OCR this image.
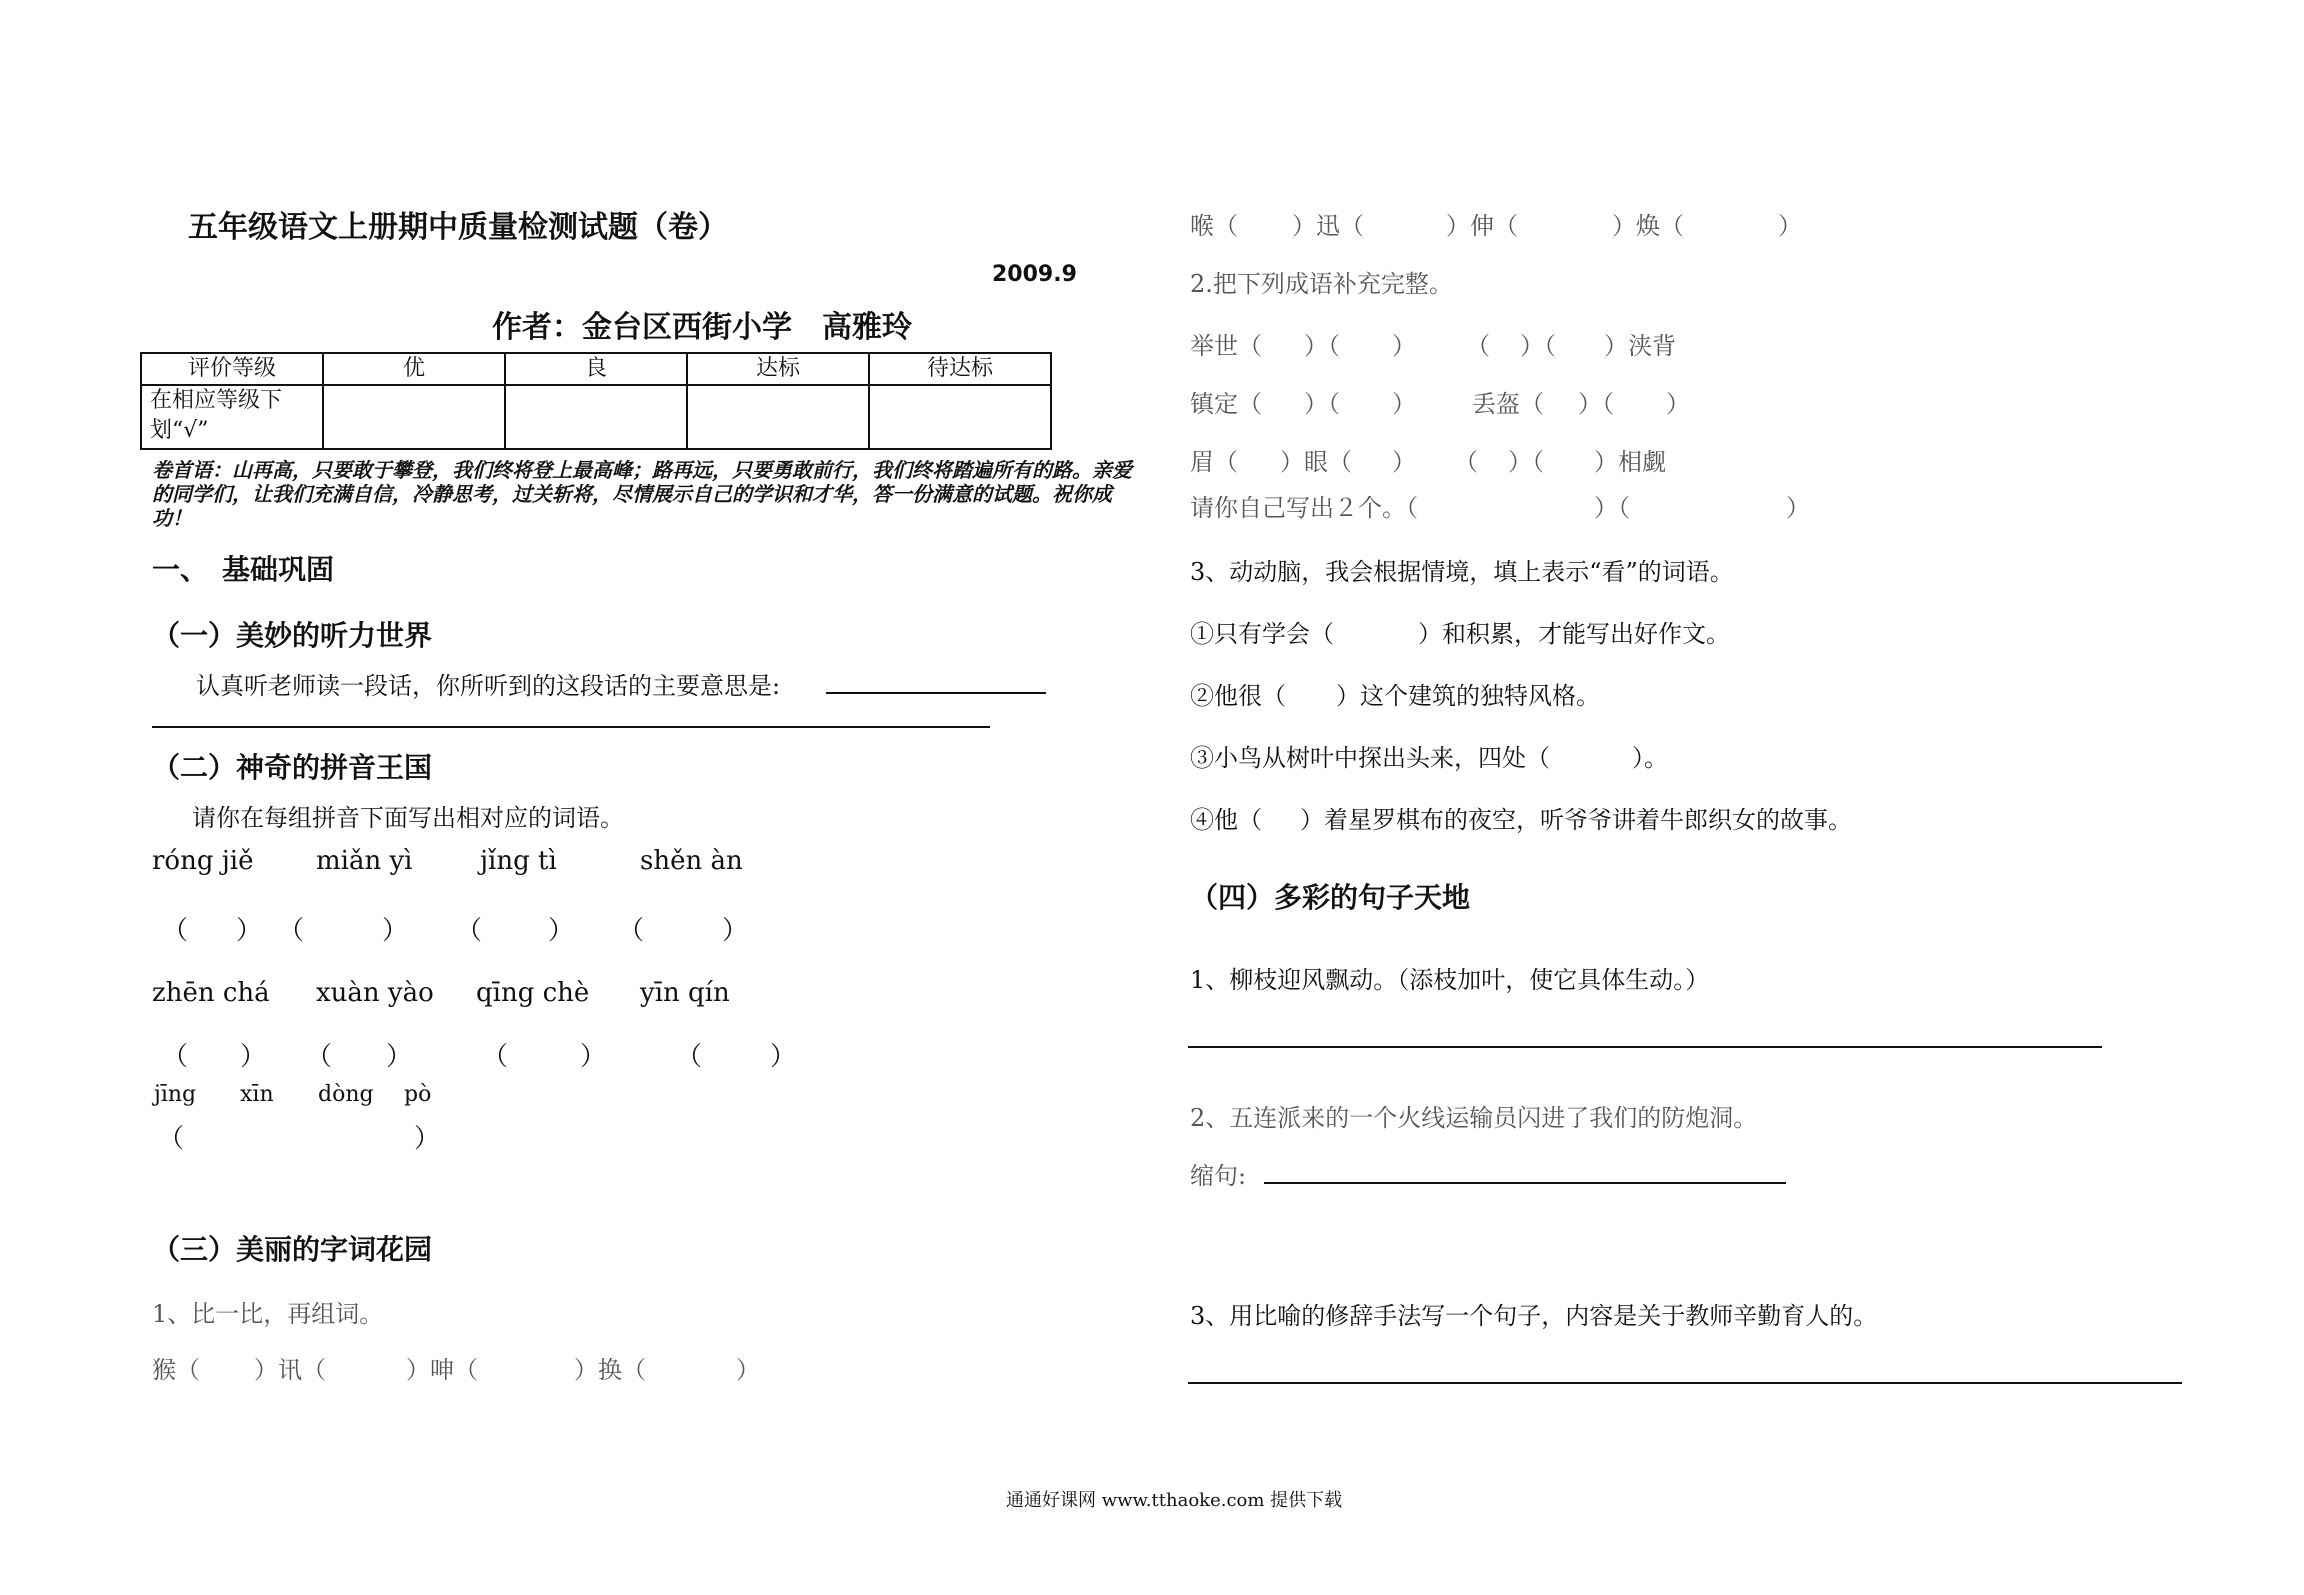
五年级语文上册期中质量检测试题（卷）
2009.9
作者：金台区西街小学　高雅玲
评价等级	优	良	达标	待达标
在相应等级下划“√”				
卷首语：山再高，只要敢于攀登，我们终将登上最高峰；路再远，只要勇敢前行，我们终将踏遍所有的路。亲爱的同学们，让我们充满自信，冷静思考，过关斩将，尽情展示自己的学识和才华，答一份满意的试题。祝你成功！
一、　基础巩固
（一）美妙的听力世界
认真听老师读一段话，你所听到的这段话的主要意思是:
（二）神奇的拼音王国
请你在每组拼音下面写出相对应的词语。
róng jiě miǎn yì	jǐng tì	shěn àn
（ ） （	） （	） （	）
zhēn chá xuàn yào qīng chè yīn qín
（ ） （ ）	（	）	（	）
jīng xīn dòng pò
（	）
（三）美丽的字词花园
1、比一比，再组词。
猴（ ）讯（	）呻（	）换（	）
喉（ ）迅（	）伸（	）焕（	）
2.把下列成语补充完整。
举世（ ）（ ） （ ）（ ）浃背
镇定（ ）（ ） 丢盔（ ）（ ）
眉（ ）眼（ ） （ ）（ ）相觑
请你自己写出２个。（	）（	）
3、动动脑，我会根据情境，填上表示“看”的词语。
①只有学会（	）和积累，才能写出好作文。
②他很（ ）这个建筑的独特风格。
③小鸟从树叶中探出头来，四处（	）。
④他（ ）着星罗棋布的夜空，听爷爷讲着牛郎织女的故事。
（四）多彩的句子天地
1、柳枝迎风飘动。（添枝加叶，使它具体生动。）
2、五连派来的一个火线运输员闪进了我们的防炮洞。
缩句:
3、用比喻的修辞手法写一个句子，内容是关于教师辛勤育人的。
通通好课网 www.tthaoke.com 提供下载
